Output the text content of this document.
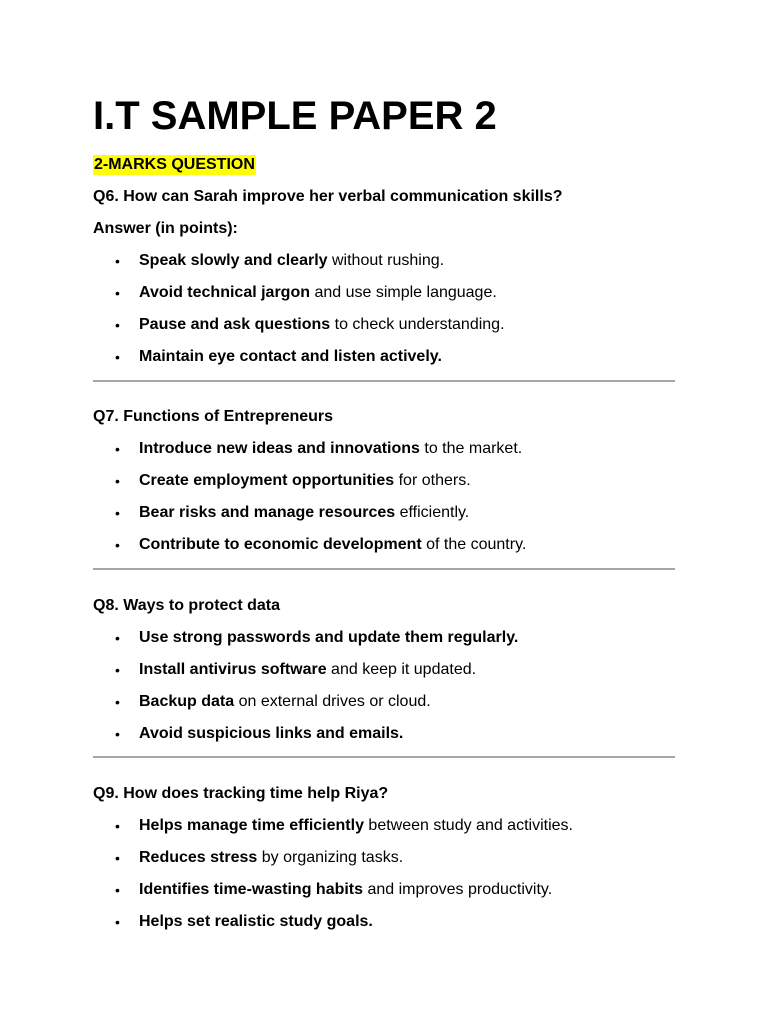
I.T SAMPLE PAPER 2
2-MARKS QUESTION
Q6. How can Sarah improve her verbal communication skills?
Answer (in points):
• Speak slowly and clearly without rushing.
• Avoid technical jargon and use simple language.
• Pause and ask questions to check understanding.
• Maintain eye contact and listen actively.
Q7. Functions of Entrepreneurs
• Introduce new ideas and innovations to the market.
• Create employment opportunities for others.
• Bear risks and manage resources efficiently.
• Contribute to economic development of the country.
Q8. Ways to protect data
• Use strong passwords and update them regularly.
• Install antivirus software and keep it updated.
• Backup data on external drives or cloud.
• Avoid suspicious links and emails.
Q9. How does tracking time help Riya?
• Helps manage time efficiently between study and activities.
• Reduces stress by organizing tasks.
• Identifies time-wasting habits and improves productivity.
• Helps set realistic study goals.
